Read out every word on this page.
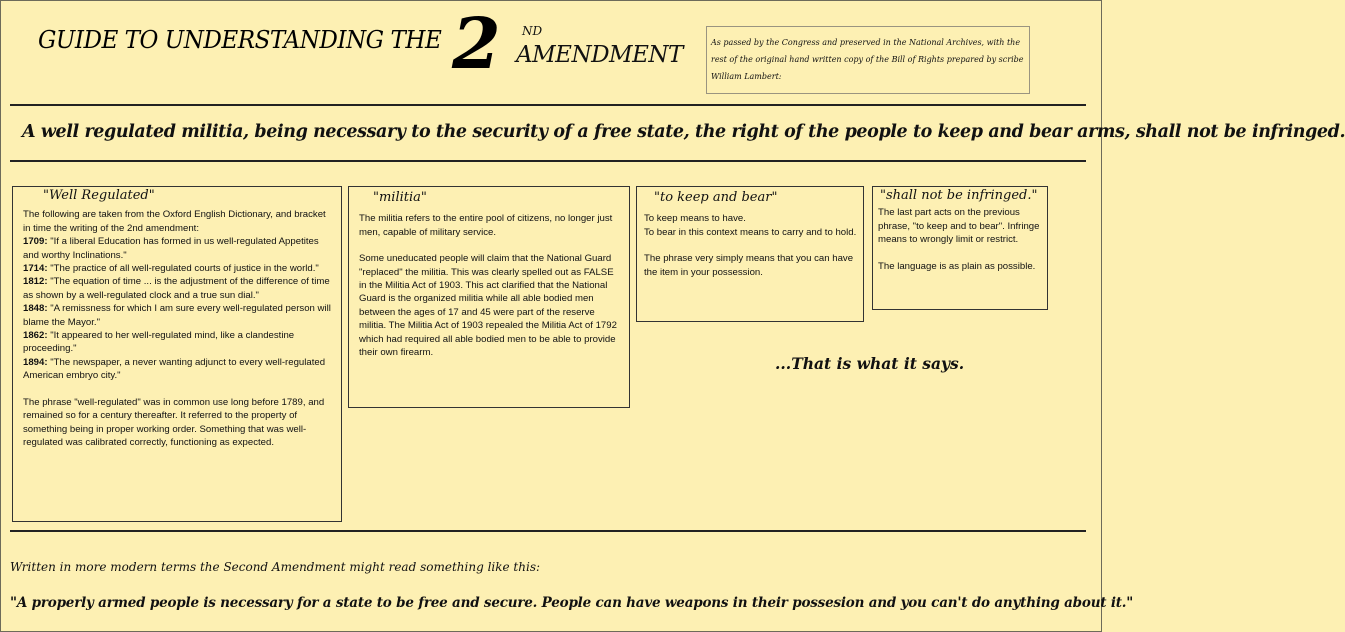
GUIDE TO UNDERSTANDING THE 2 ND
AMENDMENT	As passed by the Congress and preserved in the National Archives, with the rest of the original hand written copy of the Bill of Rights prepared by scribe William Lambert:
A well regulated militia, being necessary to the security of a free state, the right of the people to keep and bear arms, shall not be infringed.
"Well Regulated"

The following are taken from the Oxford English Dictionary, and bracket in time the writing of the 2nd amendment:

1709: "If a liberal Education has formed in us well-regulated Appetites and worthy Inclinations."

1714: "The practice of all well-regulated courts of justice in the world."

1812: "The equation of time ... is the adjustment of the difference of time as shown by a well-regulated clock and a true sun dial."

1848: "A remissness for which I am sure every well-regulated person will blame the Mayor."

1862: "It appeared to her well-regulated mind, like a clandestine proceeding."

1894: "The newspaper, a never wanting adjunct to every well-regulated American embryo city."

The phrase "well-regulated" was in common use long before 1789, and remained so for a century thereafter. It referred to the property of something being in proper working order. Something that was well-regulated was calibrated correctly, functioning as expected.

"militia"

The militia refers to the entire pool of citizens, no longer just men, capable of military service.

Some uneducated people will claim that the National Guard "replaced" the militia. This was clearly spelled out as FALSE in the Militia Act of 1903. This act clarified that the National Guard is the organized militia while all able bodied men between the ages of 17 and 45 were part of the reserve militia. The Militia Act of 1903 repealed the Militia Act of 1792 which had required all able bodied men to be able to provide their own firearm.

"to keep and bear"

To keep means to have.

To bear in this context means to carry and to hold.

The phrase very simply means that you can have the item in your possession.

"shall not be infringed."

The last part acts on the previous phrase, "to keep and to bear". Infringe means to wrongly limit or restrict.

The language is as plain as possible.

...That is what it says.
Written in more modern terms the Second Amendment might read something like this:
"A properly armed people is necessary for a state to be free and secure. People can have weapons in their possesion and you can't do anything about it."
